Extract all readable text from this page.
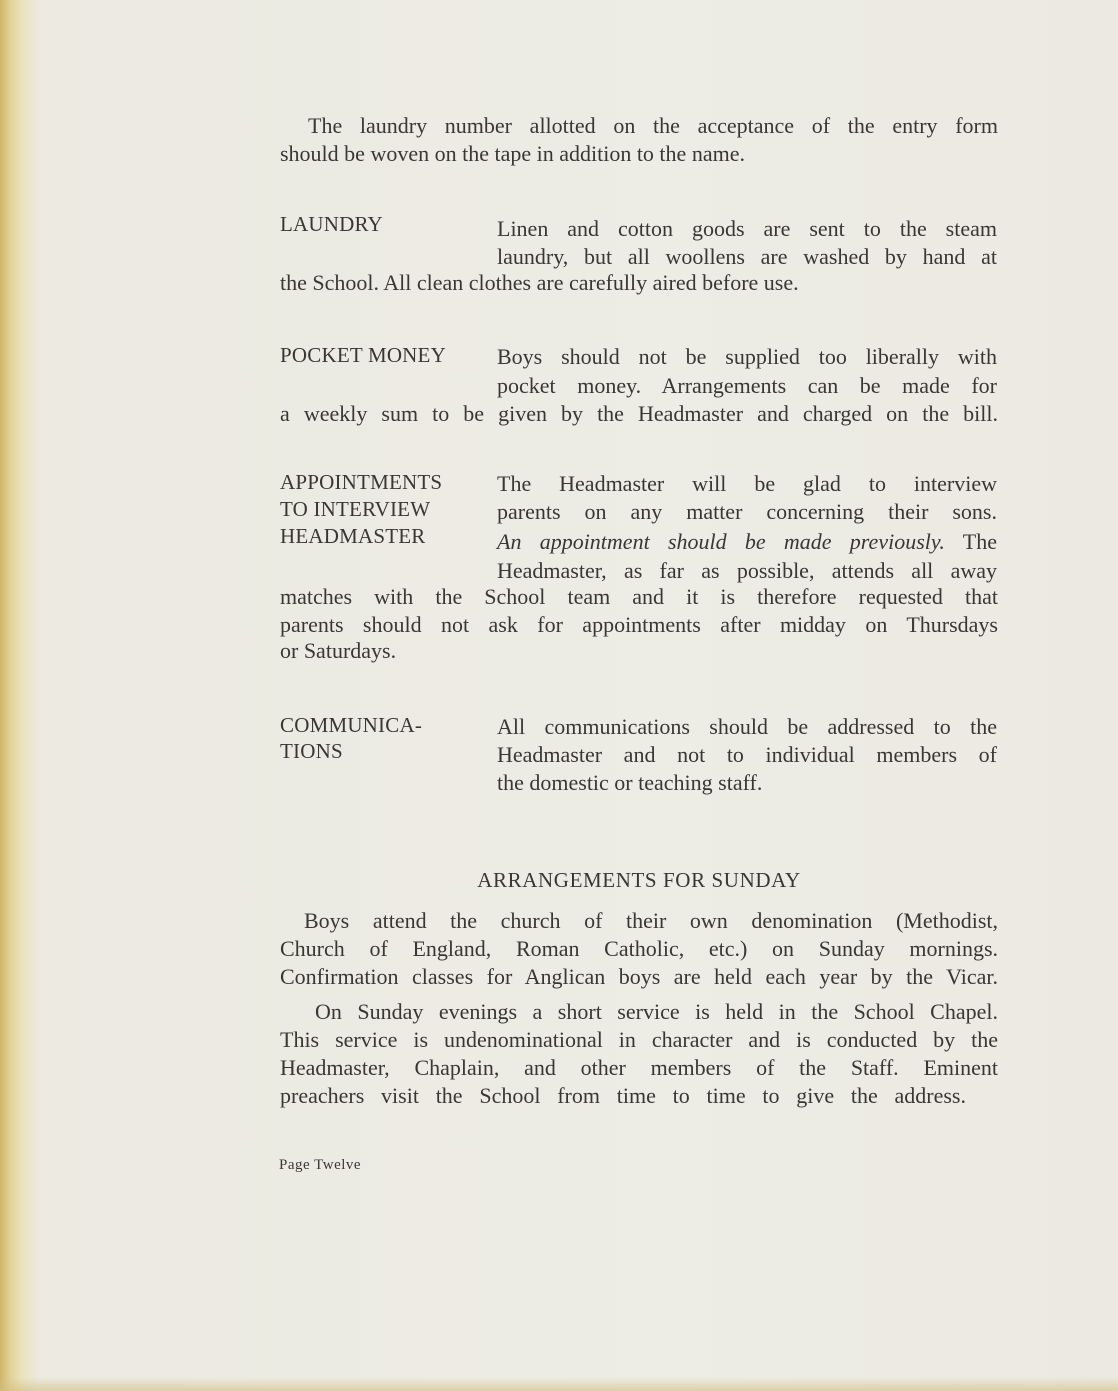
The laundry number allotted on the acceptance of the entry form
should be woven on the tape in addition to the name.
LAUNDRY	Linen and cotton goods are sent to the steam
laundry, but all woollens are washed by hand at
the School. All clean clothes are carefully aired before use.
POCKET MONEY	Boys should not be supplied too liberally with
pocket money. Arrangements can be made for
a weekly sum to be given by the Headmaster and charged on the bill.
APPOINTMENTS
TO INTERVIEW
HEADMASTER
The Headmaster will be glad to interview
parents on any matter concerning their sons.
An appointment should be made previously. The
Headmaster, as far as possible, attends all away
matches with the School team and it is therefore requested that
parents should not ask for appointments after midday on Thursdays
or Saturdays.
COMMUNICA-
TIONS
All communications should be addressed to the
Headmaster and not to individual members of
the domestic or teaching staff.
ARRANGEMENTS FOR SUNDAY
Boys attend the church of their own denomination (Methodist,
Church of England, Roman Catholic, etc.) on Sunday mornings.
Confirmation classes for Anglican boys are held each year by the Vicar.
On Sunday evenings a short service is held in the School Chapel.
This service is undenominational in character and is conducted by the
Headmaster, Chaplain, and other members of the Staff. Eminent
preachers visit the School from time to time to give the address.
Page Twelve
